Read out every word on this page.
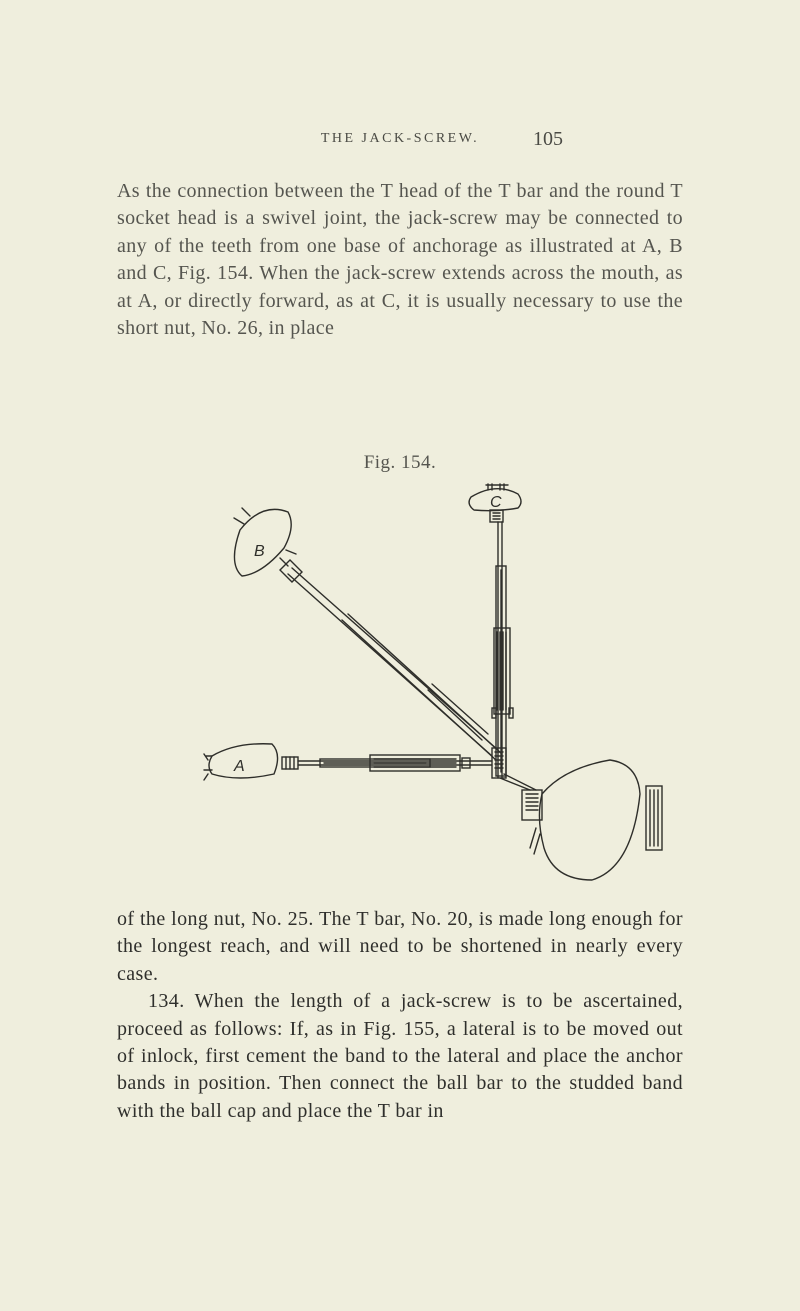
THE JACK-SCREW.	105
As the connection between the T head of the T bar and the round T socket head is a swivel joint, the jack-screw may be connected to any of the teeth from one base of anchorage as illustrated at A, B and C, Fig. 154. When the jack-screw extends across the mouth, as at A, or directly forward, as at C, it is usually necessary to use the short nut, No. 26, in place
Fig. 154.
C
B
A
of the long nut, No. 25. The T bar, No. 20, is made long enough for the longest reach, and will need to be shortened in nearly every case.
134. When the length of a jack-screw is to be ascertained, proceed as follows: If, as in Fig. 155, a lateral is to be moved out of inlock, first cement the band to the lateral and place the anchor bands in position. Then connect the ball bar to the studded band with the ball cap and place the T bar in
